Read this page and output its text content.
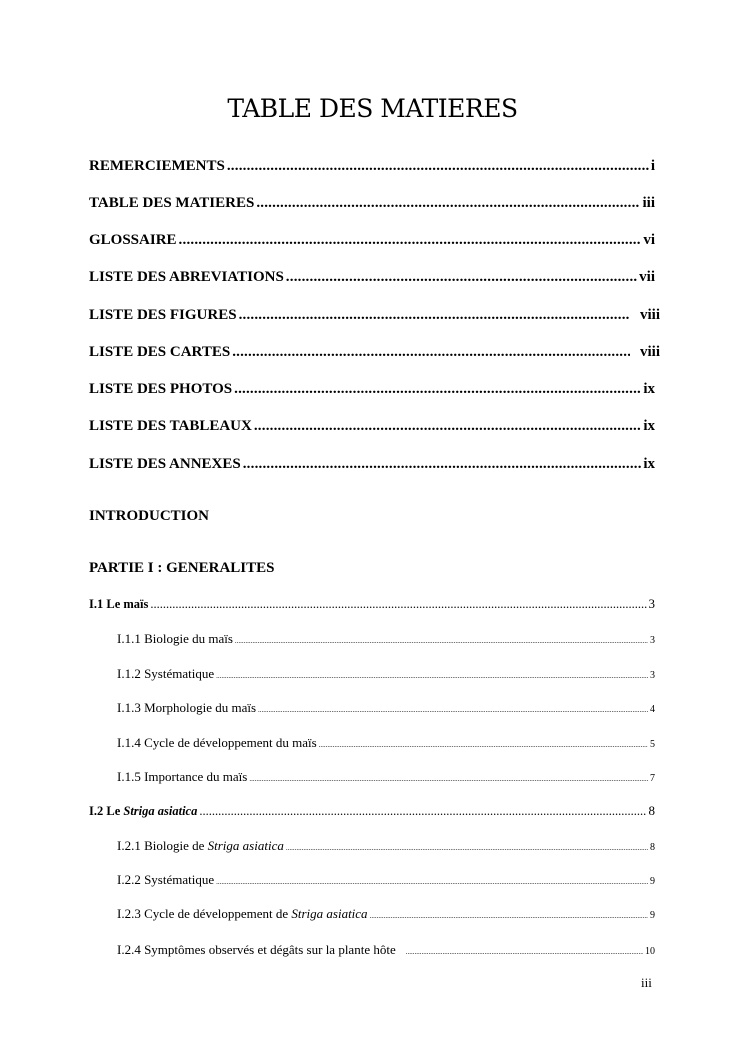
TABLE DES MATIERES
REMERCIEMENTS .....	i
TABLE DES MATIERES .....	iii
GLOSSAIRE .....	vi
LISTE DES ABREVIATIONS .....	vii
LISTE DES FIGURES .....	viii
LISTE DES CARTES .....	viii
LISTE DES PHOTOS .....	ix
LISTE DES TABLEAUX .....	ix
LISTE DES ANNEXES .....	ix
INTRODUCTION
PARTIE I : GENERALITES
I.1 Le maïs .....	3
I.1.1 Biologie du maïs .....	3
I.1.2 Systématique .....	3
I.1.3 Morphologie du maïs .....	4
I.1.4 Cycle de développement du maïs .....	5
I.1.5 Importance du maïs .....	7
I.2 Le Striga asiatica .....	8
I.2.1 Biologie de Striga asiatica .....	8
I.2.2 Systématique .....	9
I.2.3 Cycle de développement de Striga asiatica .....	9
I.2.4 Symptômes observés et dégâts sur la plante hôte .....	10
iii
